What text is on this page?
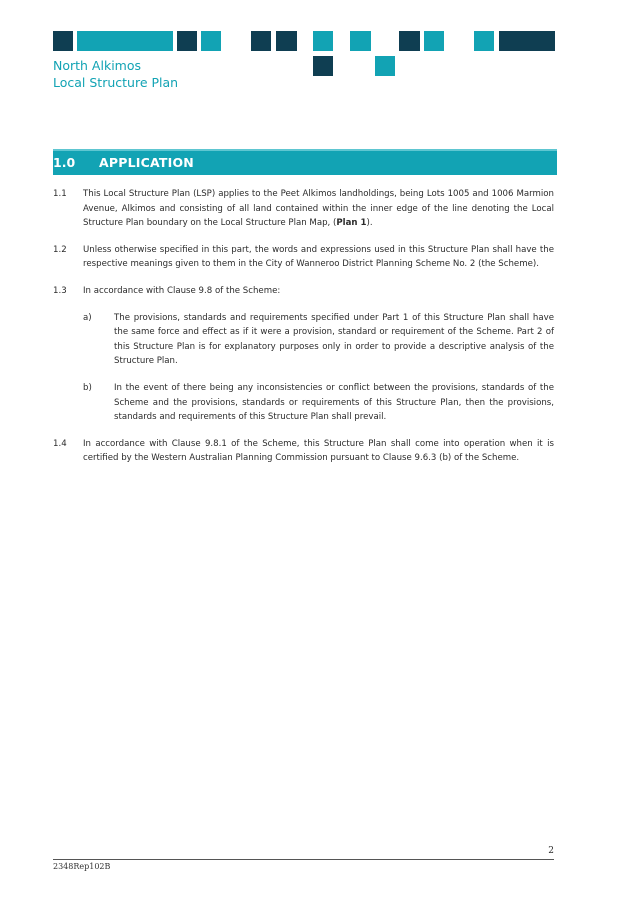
North Alkimos
Local Structure Plan
1.0 APPLICATION
1.1	This Local Structure Plan (LSP) applies to the Peet Alkimos landholdings, being Lots 1005 and 1006 Marmion Avenue, Alkimos and consisting of all land contained within the inner edge of the line denoting the Local Structure Plan boundary on the Local Structure Plan Map, (Plan 1).
1.2	Unless otherwise specified in this part, the words and expressions used in this Structure Plan shall have the respective meanings given to them in the City of Wanneroo District Planning Scheme No. 2 (the Scheme).
1.3	In accordance with Clause 9.8 of the Scheme:
a)	The provisions, standards and requirements specified under Part 1 of this Structure Plan shall have the same force and effect as if it were a provision, standard or requirement of the Scheme. Part 2 of this Structure Plan is for explanatory purposes only in order to provide a descriptive analysis of the Structure Plan.
b)	In the event of there being any inconsistencies or conflict between the provisions, standards of the Scheme and the provisions, standards or requirements of this Structure Plan, then the provisions, standards and requirements of this Structure Plan shall prevail.
1.4	In accordance with Clause 9.8.1 of the Scheme, this Structure Plan shall come into operation when it is certified by the Western Australian Planning Commission pursuant to Clause 9.6.3 (b) of the Scheme.
2
2348Rep102B
